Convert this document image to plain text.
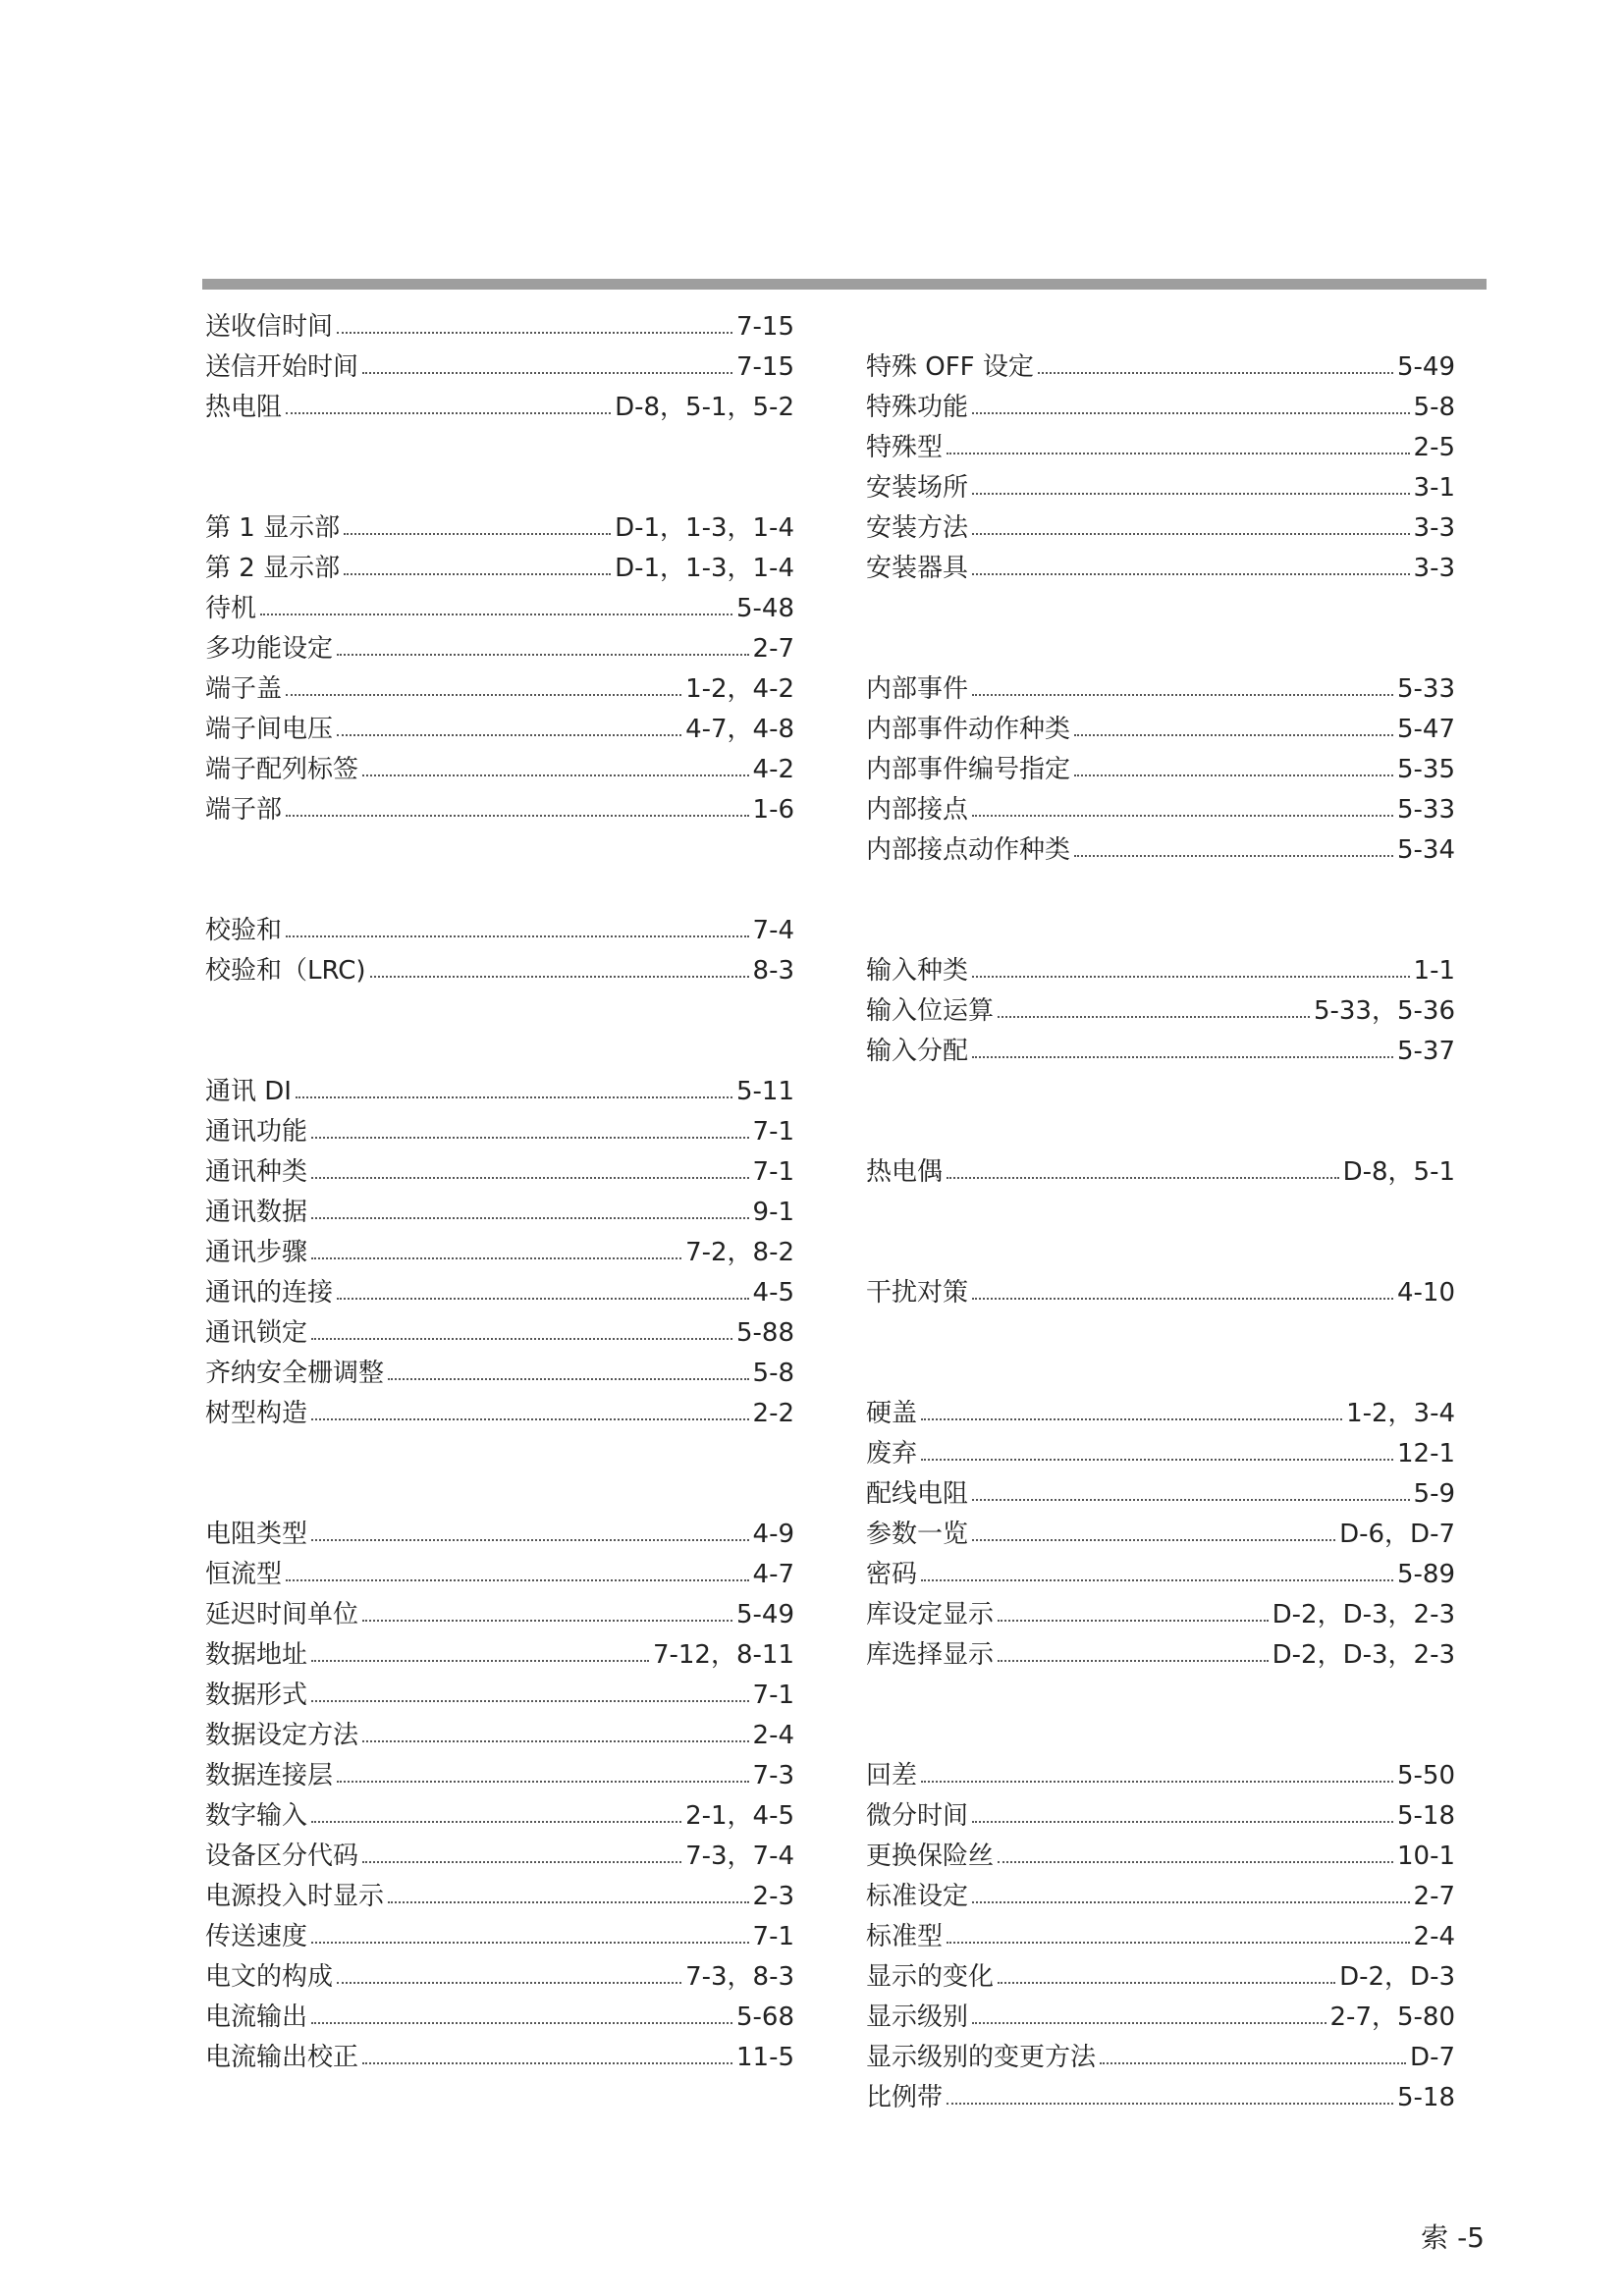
送收信时间	7-15
送信开始时间	7-15
热电阻	D-8，5-1，5-2
第 1 显示部	D-1，1-3，1-4
第 2 显示部	D-1，1-3，1-4
待机	5-48
多功能设定	2-7
端子盖	1-2，4-2
端子间电压	4-7，4-8
端子配列标签	4-2
端子部	1-6
校验和	7-4
校验和（LRC)	8-3
通讯 DI	5-11
通讯功能	7-1
通讯种类	7-1
通讯数据	9-1
通讯步骤	7-2，8-2
通讯的连接	4-5
通讯锁定	5-88
齐纳安全栅调整	5-8
树型构造	2-2
电阻类型	4-9
恒流型	4-7
延迟时间单位	5-49
数据地址	7-12，8-11
数据形式	7-1
数据设定方法	2-4
数据连接层	7-3
数字输入	2-1，4-5
设备区分代码	7-3，7-4
电源投入时显示	2-3
传送速度	7-1
电文的构成	7-3，8-3
电流输出	5-68
电流输出校正	11-5
特殊 OFF 设定	5-49
特殊功能	5-8
特殊型	2-5
安装场所	3-1
安装方法	3-3
安装器具	3-3
内部事件	5-33
内部事件动作种类	5-47
内部事件编号指定	5-35
内部接点	5-33
内部接点动作种类	5-34
输入种类	1-1
输入位运算	5-33，5-36
输入分配	5-37
热电偶	D-8，5-1
干扰对策	4-10
硬盖	1-2，3-4
废弃	12-1
配线电阻	5-9
参数一览	D-6，D-7
密码	5-89
库设定显示	D-2，D-3，2-3
库选择显示	D-2，D-3，2-3
回差	5-50
微分时间	5-18
更换保险丝	10-1
标准设定	2-7
标准型	2-4
显示的变化	D-2，D-3
显示级别	2-7，5-80
显示级别的变更方法	D-7
比例带	5-18
索 -5
